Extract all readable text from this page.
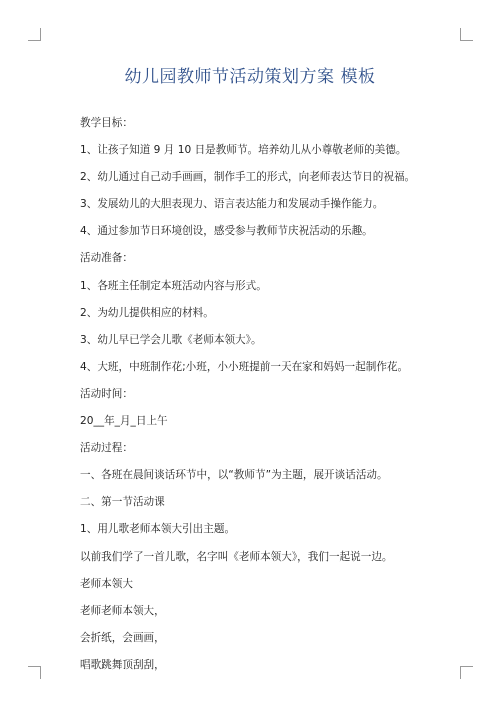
幼儿园教师节活动策划方案 模板
教学目标：
1、让孩子知道 9 月 10 日是教师节。培养幼儿从小尊敬老师的美德。
2、幼儿通过自己动手画画，制作手工的形式，向老师表达节日的祝福。
3、发展幼儿的大胆表现力、语言表达能力和发展动手操作能力。
4、通过参加节日环境创设，感受参与教师节庆祝活动的乐趣。
活动准备：
1、各班主任制定本班活动内容与形式。
2、为幼儿提供相应的材料。
3、幼儿早已学会儿歌《老师本领大》。
4、大班，中班制作花;小班，小小班提前一天在家和妈妈一起制作花。
活动时间：
20__年_月_日上午
活动过程：
一、各班在晨间谈话环节中，以“教师节”为主题，展开谈话活动。
二、第一节活动课
1、用儿歌老师本领大引出主题。
以前我们学了一首儿歌，名字叫《老师本领大》，我们一起说一边。
老师本领大
老师老师本领大，
会折纸，会画画，
唱歌跳舞顶刮刮，
